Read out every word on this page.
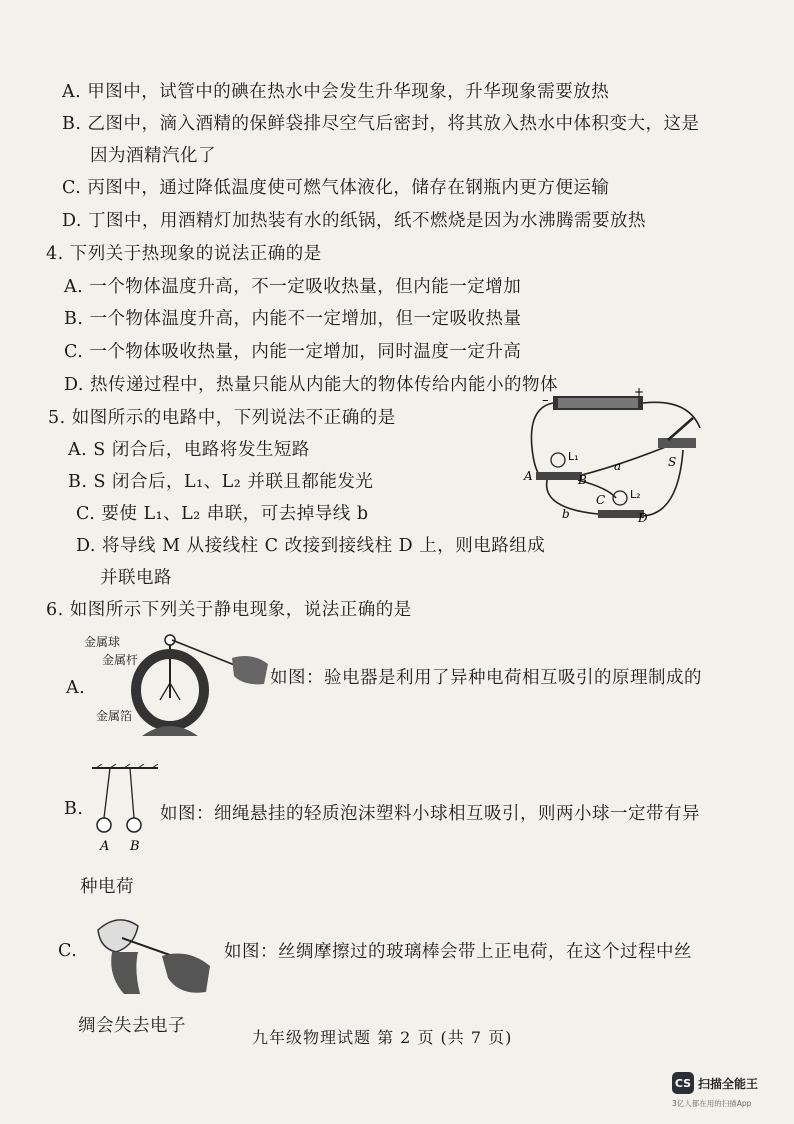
A. 甲图中，试管中的碘在热水中会发生升华现象，升华现象需要放热
B. 乙图中，滴入酒精的保鲜袋排尽空气后密封，将其放入热水中体积变大，这是
因为酒精汽化了
C. 丙图中，通过降低温度使可燃气体液化，储存在钢瓶内更方便运输
D. 丁图中，用酒精灯加热装有水的纸锅，纸不燃烧是因为水沸腾需要放热
4. 下列关于热现象的说法正确的是
A. 一个物体温度升高，不一定吸收热量，但内能一定增加
B. 一个物体温度升高，内能不一定增加，但一定吸收热量
C. 一个物体吸收热量，内能一定增加，同时温度一定升高
D. 热传递过程中，热量只能从内能大的物体传给内能小的物体
5. 如图所示的电路中，下列说法不正确的是
A. S 闭合后，电路将发生短路
B. S 闭合后，L₁、L₂ 并联且都能发光
C. 要使 L₁、L₂ 串联，可去掉导线 b
D. 将导线 M 从接线柱 C 改接到接线柱 D 上，则电路组成
并联电路
–
+
S
L₁
A	B
L₂
C
D
a
b
6. 如图所示下列关于静电现象，说法正确的是
金属球
金属杆
金属箔
A.	如图：验电器是利用了异种电荷相互吸引的原理制成的
A B
B.	如图：细绳悬挂的轻质泡沫塑料小球相互吸引，则两小球一定带有异
种电荷
C.	如图：丝绸摩擦过的玻璃棒会带上正电荷，在这个过程中丝
绸会失去电子
九年级物理试题 第 2 页 (共 7 页)
CS 扫描全能王
3亿人都在用的扫描App
